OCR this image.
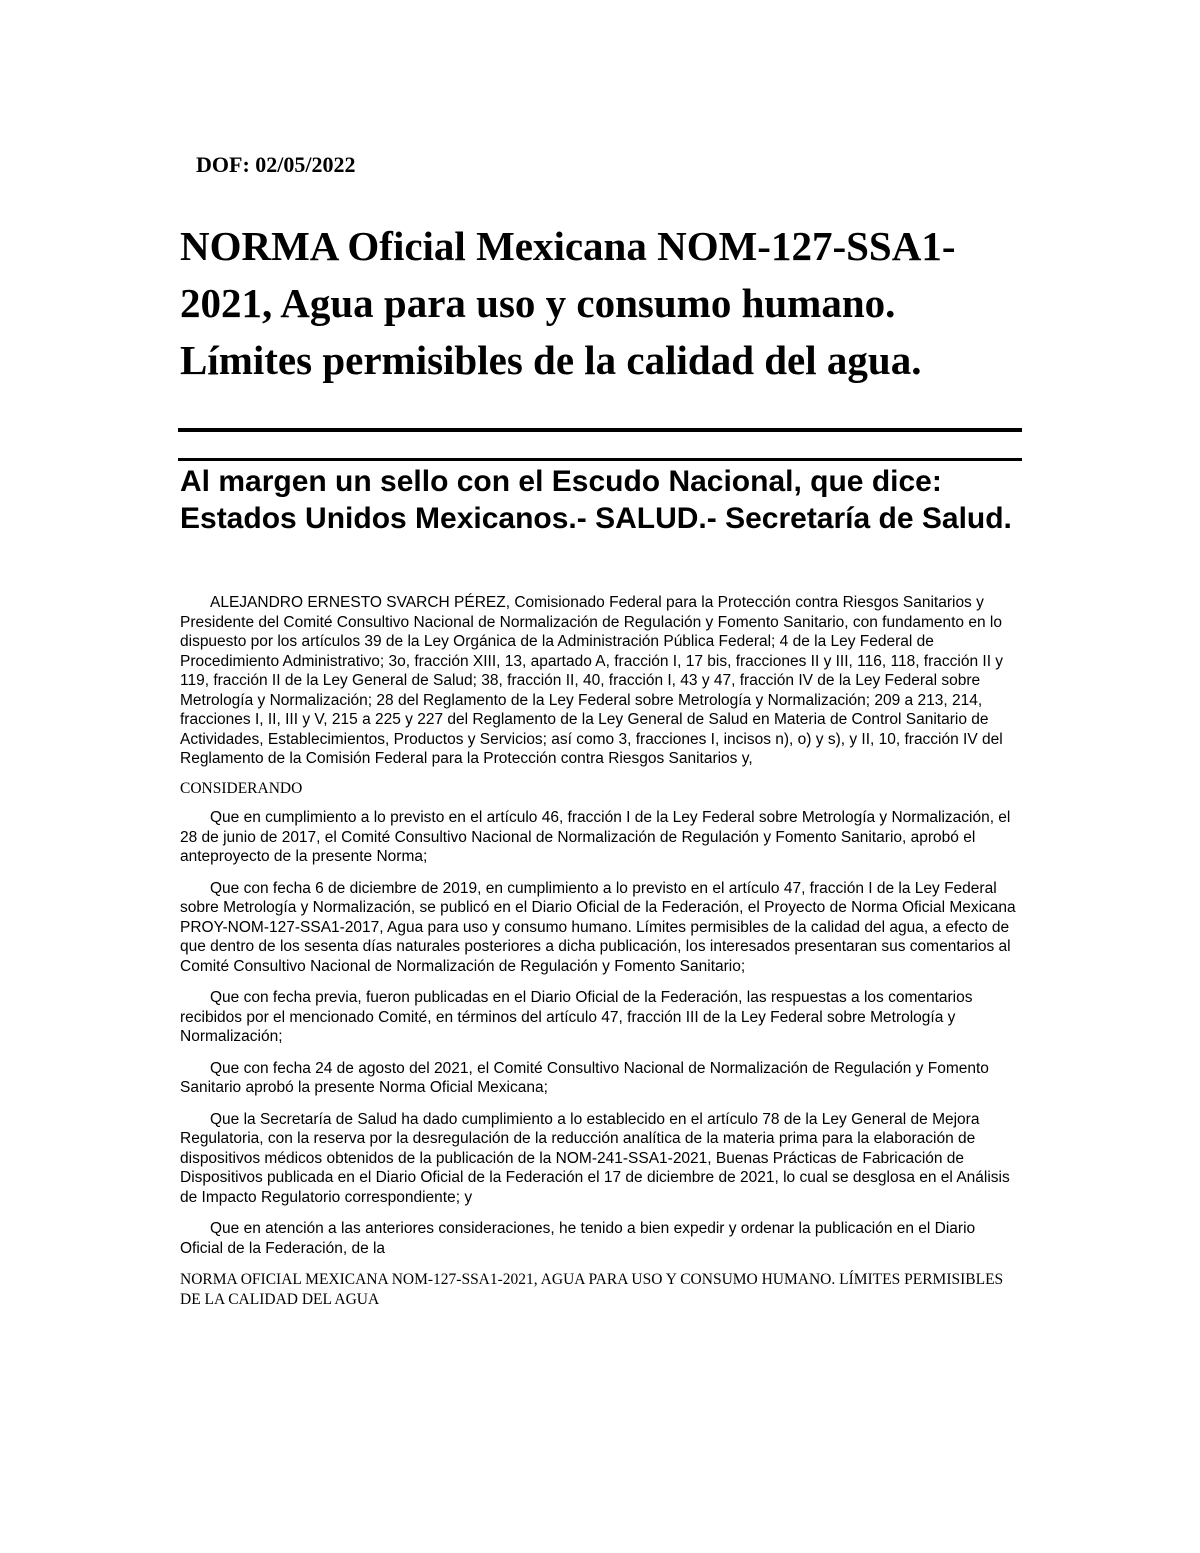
DOF: 02/05/2022
NORMA Oficial Mexicana NOM-127-SSA1-2021, Agua para uso y consumo humano. Límites permisibles de la calidad del agua.
Al margen un sello con el Escudo Nacional, que dice: Estados Unidos Mexicanos.- SALUD.- Secretaría de Salud.

ALEJANDRO ERNESTO SVARCH PÉREZ, Comisionado Federal para la Protección contra Riesgos Sanitarios y Presidente del Comité Consultivo Nacional de Normalización de Regulación y Fomento Sanitario, con fundamento en lo dispuesto por los artículos 39 de la Ley Orgánica de la Administración Pública Federal; 4 de la Ley Federal de Procedimiento Administrativo; 3o, fracción XIII, 13, apartado A, fracción I, 17 bis, fracciones II y III, 116, 118, fracción II y 119, fracción II de la Ley General de Salud; 38, fracción II, 40, fracción I, 43 y 47, fracción IV de la Ley Federal sobre Metrología y Normalización; 28 del Reglamento de la Ley Federal sobre Metrología y Normalización; 209 a 213, 214, fracciones I, II, III y V, 215 a 225 y 227 del Reglamento de la Ley General de Salud en Materia de Control Sanitario de Actividades, Establecimientos, Productos y Servicios; así como 3, fracciones I, incisos n), o) y s), y II, 10, fracción IV del Reglamento de la Comisión Federal para la Protección contra Riesgos Sanitarios y,

CONSIDERANDO

Que en cumplimiento a lo previsto en el artículo 46, fracción I de la Ley Federal sobre Metrología y Normalización, el 28 de junio de 2017, el Comité Consultivo Nacional de Normalización de Regulación y Fomento Sanitario, aprobó el anteproyecto de la presente Norma;

Que con fecha 6 de diciembre de 2019, en cumplimiento a lo previsto en el artículo 47, fracción I de la Ley Federal sobre Metrología y Normalización, se publicó en el Diario Oficial de la Federación, el Proyecto de Norma Oficial Mexicana PROY-NOM-127-SSA1-2017, Agua para uso y consumo humano. Límites permisibles de la calidad del agua, a efecto de que dentro de los sesenta días naturales posteriores a dicha publicación, los interesados presentaran sus comentarios al Comité Consultivo Nacional de Normalización de Regulación y Fomento Sanitario;

Que con fecha previa, fueron publicadas en el Diario Oficial de la Federación, las respuestas a los comentarios recibidos por el mencionado Comité, en términos del artículo 47, fracción III de la Ley Federal sobre Metrología y Normalización;

Que con fecha 24 de agosto del 2021, el Comité Consultivo Nacional de Normalización de Regulación y Fomento Sanitario aprobó la presente Norma Oficial Mexicana;

Que la Secretaría de Salud ha dado cumplimiento a lo establecido en el artículo 78 de la Ley General de Mejora Regulatoria, con la reserva por la desregulación de la reducción analítica de la materia prima para la elaboración de dispositivos médicos obtenidos de la publicación de la NOM-241-SSA1-2021, Buenas Prácticas de Fabricación de Dispositivos publicada en el Diario Oficial de la Federación el 17 de diciembre de 2021, lo cual se desglosa en el Análisis de Impacto Regulatorio correspondiente; y

Que en atención a las anteriores consideraciones, he tenido a bien expedir y ordenar la publicación en el Diario Oficial de la Federación, de la

NORMA OFICIAL MEXICANA NOM-127-SSA1-2021, AGUA PARA USO Y CONSUMO HUMANO. LÍMITES PERMISIBLES DE LA CALIDAD DEL AGUA
